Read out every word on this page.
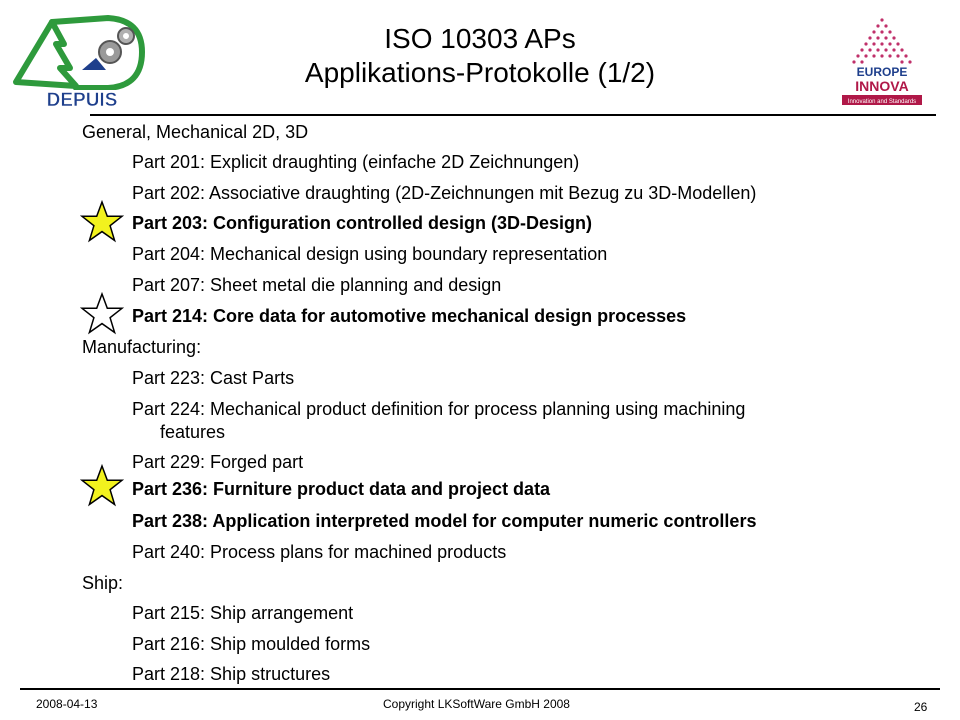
DEPUIS
ISO 10303 APs
Applikations-Protokolle (1/2)	EUROPE
INNOVA
Innovation and Standards
General, Mechanical 2D, 3D
Part 201: Explicit draughting (einfache 2D Zeichnungen)
Part 202: Associative draughting (2D-Zeichnungen mit Bezug zu 3D-Modellen)
Part 203: Configuration controlled design (3D-Design)
Part 204: Mechanical design using boundary representation
Part 207: Sheet metal die planning and design
Part 214: Core data for automotive mechanical design processes
Manufacturing:
Part 223: Cast Parts
Part 224: Mechanical product definition for process planning using machining
features
Part 229: Forged part
Part 236: Furniture product data and project data
Part 238: Application interpreted model for computer numeric controllers
Part 240: Process plans for machined products
Ship:
Part 215: Ship arrangement
Part 216: Ship moulded forms
Part 218: Ship structures
2008-04-13	Copyright LKSoftWare GmbH 2008	26
